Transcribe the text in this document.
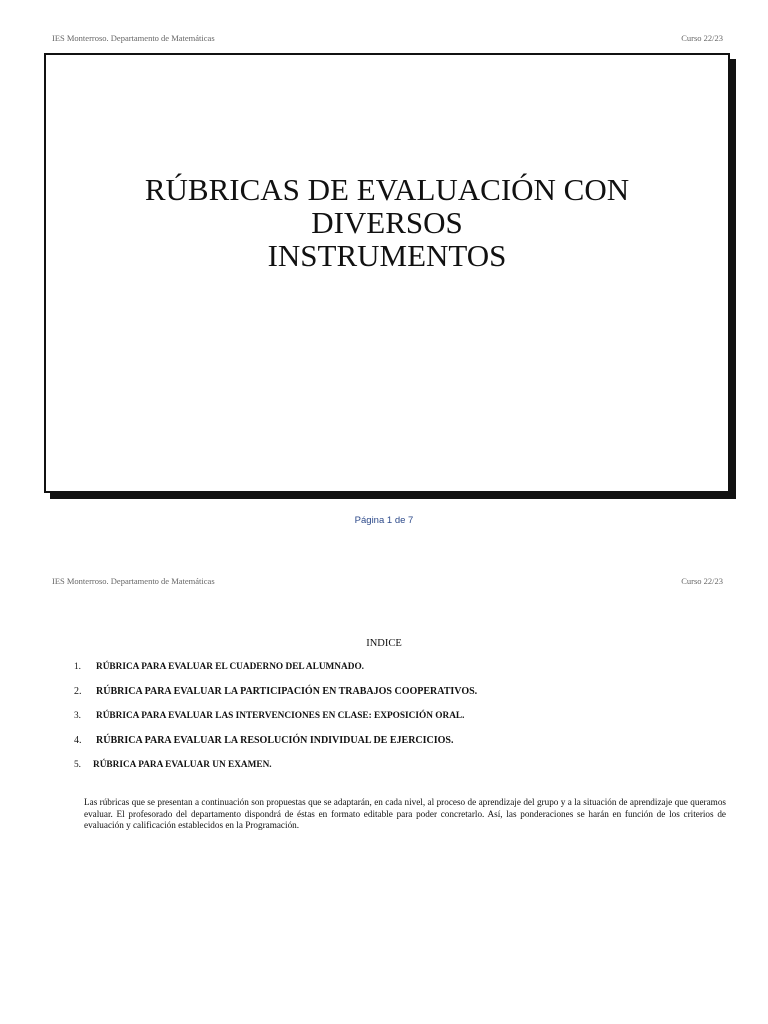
IES Monterroso. Departamento de Matemáticas	Curso 22/23
RÚBRICAS DE EVALUACIÓN CON
DIVERSOS
INSTRUMENTOS
Página 1 de 7
IES Monterroso. Departamento de Matemáticas	Curso 22/23
INDICE
1.	RÚBRICA PARA EVALUAR EL CUADERNO DEL ALUMNADO.
2.	RÚBRICA PARA EVALUAR LA PARTICIPACIÓN EN TRABAJOS COOPERATIVOS.
3.	RÚBRICA PARA EVALUAR LAS INTERVENCIONES EN CLASE: EXPOSICIÓN ORAL.
4.	RÚBRICA PARA EVALUAR LA RESOLUCIÓN INDIVIDUAL DE EJERCICIOS.
5.	RÚBRICA PARA EVALUAR UN EXAMEN.
Las rúbricas que se presentan a continuación son propuestas que se adaptarán, en cada nivel, al proceso de aprendizaje del grupo y a la situación de aprendizaje que queramos evaluar. El profesorado del departamento dispondrá de éstas en formato editable para poder concretarlo. Así, las ponderaciones se harán en función de los criterios de evaluación y calificación establecidos en la Programación.
